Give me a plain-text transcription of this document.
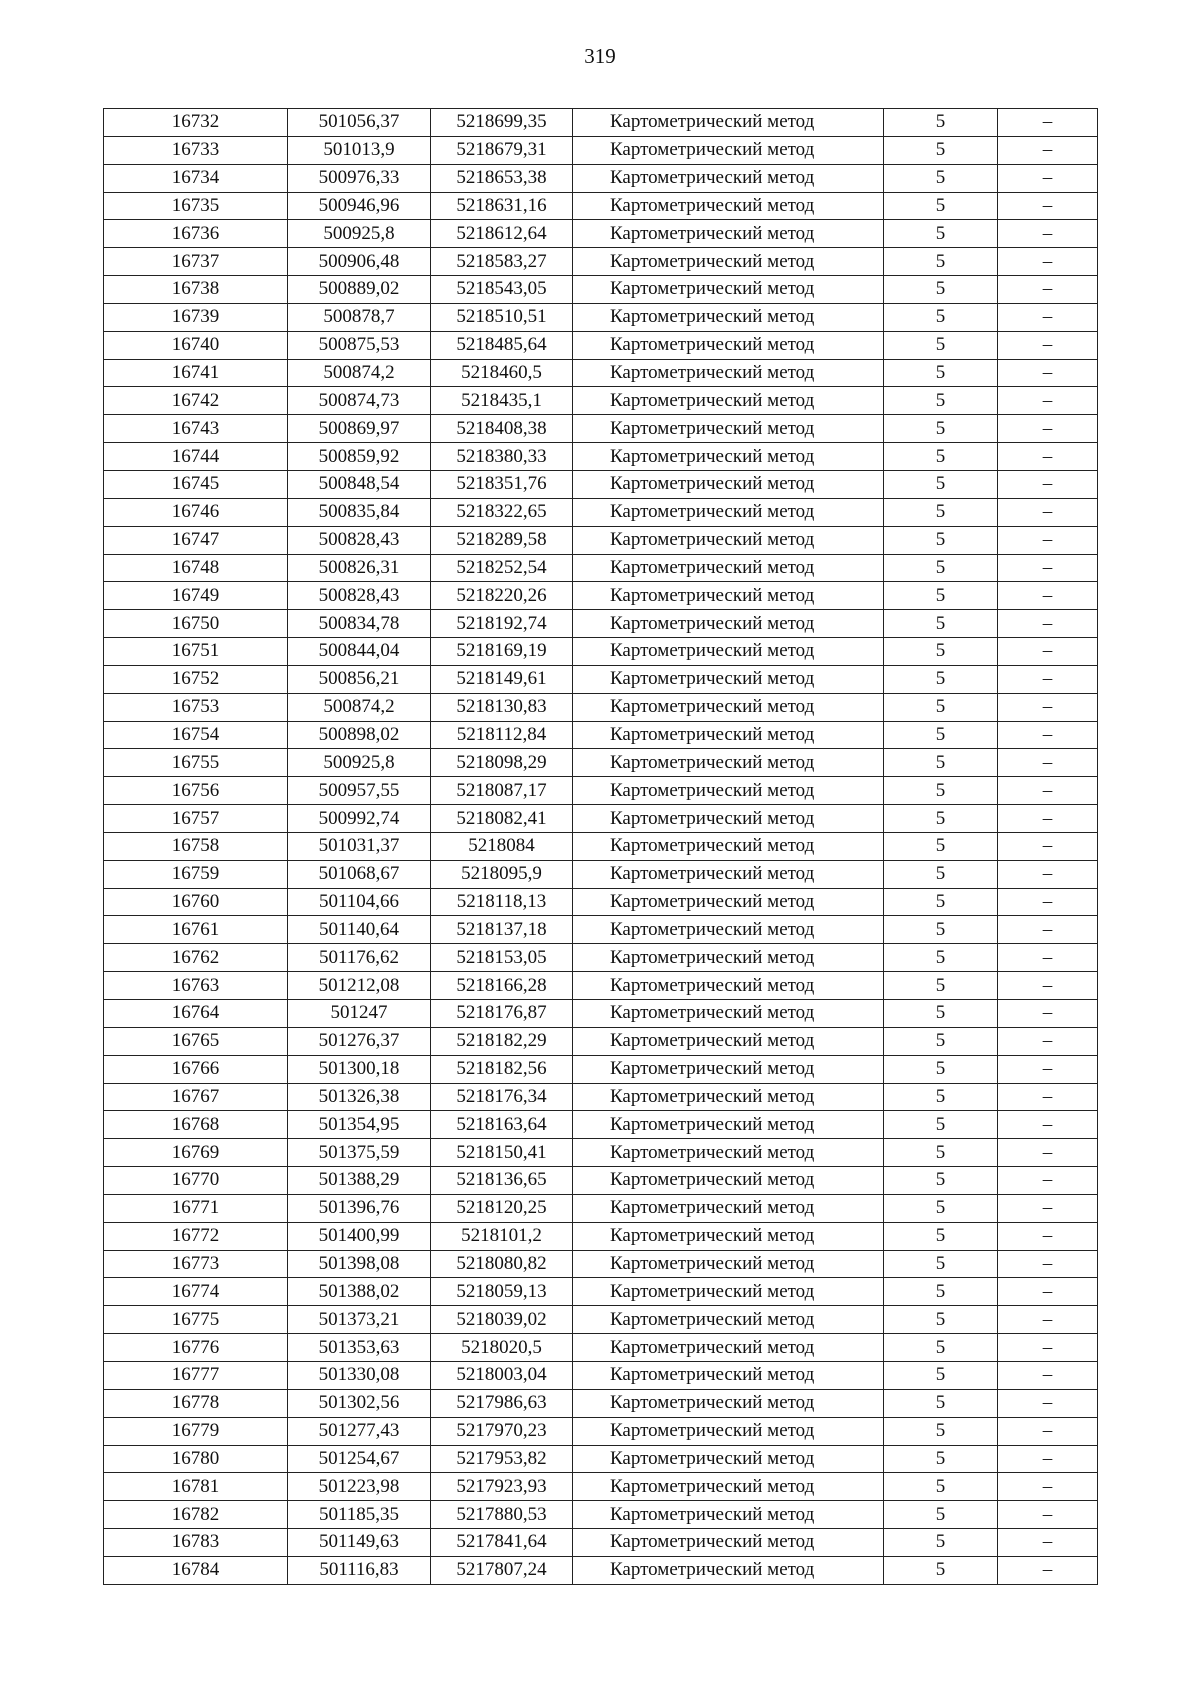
319
16732	501056,37	5218699,35	Картометрический метод	5	–
16733	501013,9	5218679,31	Картометрический метод	5	–
16734	500976,33	5218653,38	Картометрический метод	5	–
16735	500946,96	5218631,16	Картометрический метод	5	–
16736	500925,8	5218612,64	Картометрический метод	5	–
16737	500906,48	5218583,27	Картометрический метод	5	–
16738	500889,02	5218543,05	Картометрический метод	5	–
16739	500878,7	5218510,51	Картометрический метод	5	–
16740	500875,53	5218485,64	Картометрический метод	5	–
16741	500874,2	5218460,5	Картометрический метод	5	–
16742	500874,73	5218435,1	Картометрический метод	5	–
16743	500869,97	5218408,38	Картометрический метод	5	–
16744	500859,92	5218380,33	Картометрический метод	5	–
16745	500848,54	5218351,76	Картометрический метод	5	–
16746	500835,84	5218322,65	Картометрический метод	5	–
16747	500828,43	5218289,58	Картометрический метод	5	–
16748	500826,31	5218252,54	Картометрический метод	5	–
16749	500828,43	5218220,26	Картометрический метод	5	–
16750	500834,78	5218192,74	Картометрический метод	5	–
16751	500844,04	5218169,19	Картометрический метод	5	–
16752	500856,21	5218149,61	Картометрический метод	5	–
16753	500874,2	5218130,83	Картометрический метод	5	–
16754	500898,02	5218112,84	Картометрический метод	5	–
16755	500925,8	5218098,29	Картометрический метод	5	–
16756	500957,55	5218087,17	Картометрический метод	5	–
16757	500992,74	5218082,41	Картометрический метод	5	–
16758	501031,37	5218084	Картометрический метод	5	–
16759	501068,67	5218095,9	Картометрический метод	5	–
16760	501104,66	5218118,13	Картометрический метод	5	–
16761	501140,64	5218137,18	Картометрический метод	5	–
16762	501176,62	5218153,05	Картометрический метод	5	–
16763	501212,08	5218166,28	Картометрический метод	5	–
16764	501247	5218176,87	Картометрический метод	5	–
16765	501276,37	5218182,29	Картометрический метод	5	–
16766	501300,18	5218182,56	Картометрический метод	5	–
16767	501326,38	5218176,34	Картометрический метод	5	–
16768	501354,95	5218163,64	Картометрический метод	5	–
16769	501375,59	5218150,41	Картометрический метод	5	–
16770	501388,29	5218136,65	Картометрический метод	5	–
16771	501396,76	5218120,25	Картометрический метод	5	–
16772	501400,99	5218101,2	Картометрический метод	5	–
16773	501398,08	5218080,82	Картометрический метод	5	–
16774	501388,02	5218059,13	Картометрический метод	5	–
16775	501373,21	5218039,02	Картометрический метод	5	–
16776	501353,63	5218020,5	Картометрический метод	5	–
16777	501330,08	5218003,04	Картометрический метод	5	–
16778	501302,56	5217986,63	Картометрический метод	5	–
16779	501277,43	5217970,23	Картометрический метод	5	–
16780	501254,67	5217953,82	Картометрический метод	5	–
16781	501223,98	5217923,93	Картометрический метод	5	–
16782	501185,35	5217880,53	Картометрический метод	5	–
16783	501149,63	5217841,64	Картометрический метод	5	–
16784	501116,83	5217807,24	Картометрический метод	5	–
